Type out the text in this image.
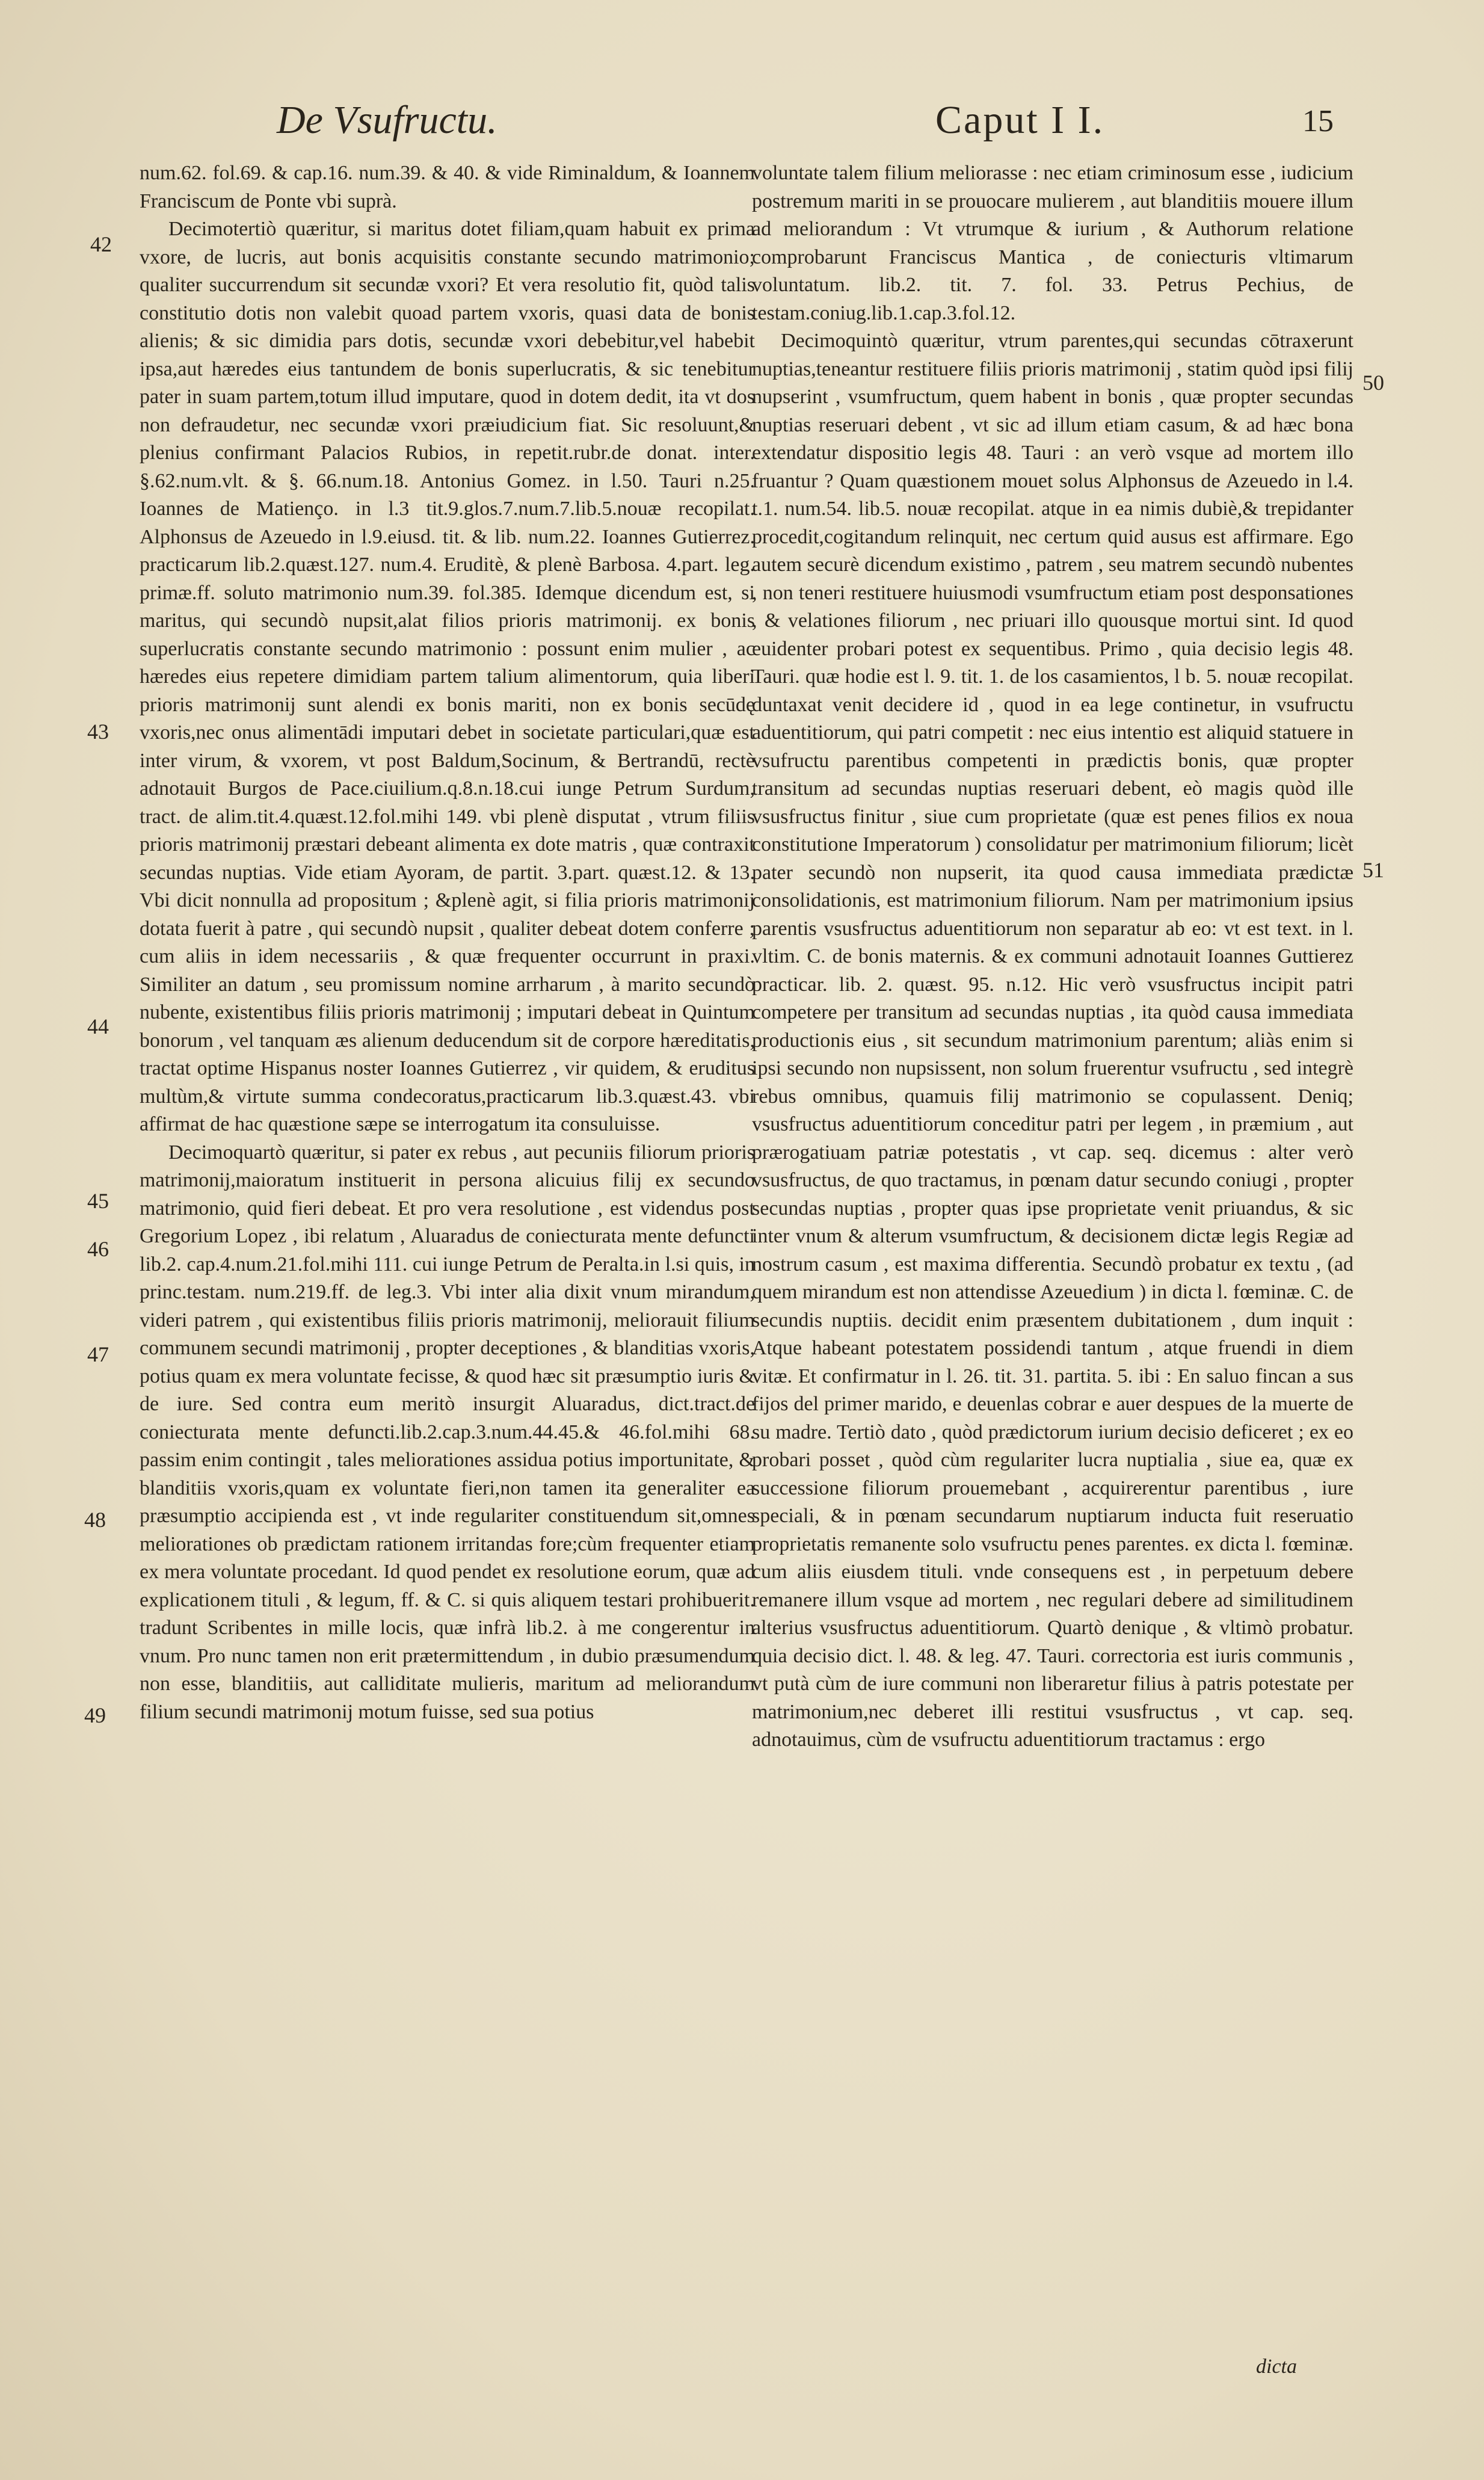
De Vsufructu.	Caput I I.	15

num.62. fol.69. & cap.16. num.39. & 40. & vide Riminaldum, & Ioannem Franciscum de Ponte vbi suprà.

Decimotertiò quæritur, si maritus dotet filiam,quam habuit ex prima vxore, de lucris, aut bonis acquisitis constante secundo matrimonio; qualiter succurrendum sit secundæ vxori? Et vera resolutio fit, quòd talis constitutio dotis non valebit quoad partem vxoris, quasi data de bonis alienis; & sic dimidia pars dotis, secundæ vxori debebitur,vel habebit ipsa,aut hæredes eius tantundem de bonis superlucratis, & sic tenebitur pater in suam partem,totum illud imputare, quod in dotem dedit, ita vt dos non defraudetur, nec secundæ vxori præiudicium fiat. Sic resoluunt,& plenius confirmant Palacios Rubios, in repetit.rubr.de donat. inter. §.62.num.vlt. & §. 66.num.18. Antonius Gomez. in l.50. Tauri n.25. Ioannes de Matienço. in l.3 tit.9.glos.7.num.7.lib.5.nouæ recopilat. Alphonsus de Azeuedo in l.9.eiusd. tit. & lib. num.22. Ioannes Gutierrez. practicarum lib.2.quæst.127. num.4. Eruditè, & plenè Barbosa. 4.part. leg. primæ.ff. soluto matrimonio num.39. fol.385. Idemque dicendum est, si maritus, qui secundò nupsit,alat filios prioris matrimonij. ex bonis superlucratis constante secundo matrimonio : possunt enim mulier , ac hæredes eius repetere dimidiam partem talium alimentorum, quia liberi prioris matrimonij sunt alendi ex bonis mariti, non ex bonis secūdę vxoris,nec onus alimentādi imputari debet in societate particulari,quæ est inter virum, & vxorem, vt post Baldum,Socinum, & Bertrandū, rectè adnotauit Burgos de Pace.ciuilium.q.8.n.18.cui iunge Petrum Surdum, tract. de alim.tit.4.quæst.12.fol.mihi 149. vbi plenè disputat , vtrum filiis prioris matrimonij præstari debeant alimenta ex dote matris , quæ contraxit secundas nuptias. Vide etiam Ayoram, de partit. 3.part. quæst.12. & 13. Vbi dicit nonnulla ad propositum ; &plenè agit, si filia prioris matrimonij dotata fuerit à patre , qui secundò nupsit , qualiter debeat dotem conferre ; cum aliis in idem necessariis , & quæ frequenter occurrunt in praxi. Similiter an datum , seu promissum nomine arrharum , à marito secundò nubente, existentibus filiis prioris matrimonij ; imputari debeat in Quintum bonorum , vel tanquam æs alienum deducendum sit de corpore hæreditatis, tractat optime Hispanus noster Ioannes Gutierrez , vir quidem, & eruditus multùm,& virtute summa condecoratus,practicarum lib.3.quæst.43. vbi affirmat de hac quæstione sæpe se interrogatum ita consuluisse.

Decimoquartò quæritur, si pater ex rebus , aut pecuniis filiorum prioris matrimonij,maioratum instituerit in persona alicuius filij ex secundo matrimonio, quid fieri debeat. Et pro vera resolutione , est videndus post Gregorium Lopez , ibi relatum , Aluaradus de coniecturata mente defuncti lib.2. cap.4.num.21.fol.mihi 111. cui iunge Petrum de Peralta.in l.si quis, in princ.testam. num.219.ff. de leg.3. Vbi inter alia dixit vnum mirandum, videri patrem , qui existentibus filiis prioris matrimonij, meliorauit filium communem secundi matrimonij , propter deceptiones , & blanditias vxoris, potius quam ex mera voluntate fecisse, & quod hæc sit præsumptio iuris & de iure. Sed contra eum meritò insurgit Aluaradus, dict.tract.de coniecturata mente defuncti.lib.2.cap.3.num.44.45.& 46.fol.mihi 68. passim enim contingit , tales meliorationes assidua potius importunitate, & blanditiis vxoris,quam ex voluntate fieri,non tamen ita generaliter ea præsumptio accipienda est , vt inde regulariter constituendum sit,omnes meliorationes ob prædictam rationem irritandas fore;cùm frequenter etiam ex mera voluntate procedant. Id quod pendet ex resolutione eorum, quæ ad explicationem tituli , & legum, ff. & C. si quis aliquem testari prohibuerit. tradunt Scribentes in mille locis, quæ infrà lib.2. à me congerentur in vnum. Pro nunc tamen non erit prætermittendum , in dubio præsumendum non esse, blanditiis, aut calliditate mulieris, maritum ad meliorandum filium secundi matrimonij motum fuisse, sed sua potius

voluntate talem filium meliorasse : nec etiam criminosum esse , iudicium postremum mariti in se prouocare mulierem , aut blanditiis mouere illum ad meliorandum : Vt vtrumque & iurium , & Authorum relatione comprobarunt Franciscus Mantica , de coniecturis vltimarum voluntatum. lib.2. tit. 7. fol. 33. Petrus Pechius, de testam.coniug.lib.1.cap.3.fol.12.

Decimoquintò quæritur, vtrum parentes,qui secundas cōtraxerunt nuptias,teneantur restituere filiis prioris matrimonij , statim quòd ipsi filij nupserint , vsumfructum, quem habent in bonis , quæ propter secundas nuptias reseruari debent , vt sic ad illum etiam casum, & ad hæc bona extendatur dispositio legis 48. Tauri : an verò vsque ad mortem illo fruantur ? Quam quæstionem mouet solus Alphonsus de Azeuedo in l.4. t.1. num.54. lib.5. nouæ recopilat. atque in ea nimis dubiè,& trepidanter procedit,cogitandum relinquit, nec certum quid ausus est affirmare. Ego autem securè dicendum existimo , patrem , seu matrem secundò nubentes , non teneri restituere huiusmodi vsumfructum etiam post desponsationes , & velationes filiorum , nec priuari illo quousque mortui sint. Id quod euidenter probari potest ex sequentibus. Primo , quia decisio legis 48. Tauri. quæ hodie est l. 9. tit. 1. de los casamientos, l b. 5. nouæ recopilat. duntaxat venit decidere id , quod in ea lege continetur, in vsufructu aduentitiorum, qui patri competit : nec eius intentio est aliquid statuere in vsufructu parentibus competenti in prædictis bonis, quæ propter transitum ad secundas nuptias reseruari debent, eò magis quòd ille vsusfructus finitur , siue cum proprietate (quæ est penes filios ex noua constitutione Imperatorum ) consolidatur per matrimonium filiorum; licèt pater secundò non nupserit, ita quod causa immediata prædictæ consolidationis, est matrimonium filiorum. Nam per matrimonium ipsius parentis vsusfructus aduentitiorum non separatur ab eo: vt est text. in l. vltim. C. de bonis maternis. & ex communi adnotauit Ioannes Guttierez practicar. lib. 2. quæst. 95. n.12. Hic verò vsusfructus incipit patri competere per transitum ad secundas nuptias , ita quòd causa immediata productionis eius , sit secundum matrimonium parentum; aliàs enim si ipsi secundo non nupsissent, non solum fruerentur vsufructu , sed integrè rebus omnibus, quamuis filij matrimonio se copulassent. Deniq; vsusfructus aduentitiorum conceditur patri per legem , in præmium , aut prærogatiuam patriæ potestatis , vt cap. seq. dicemus : alter verò vsusfructus, de quo tractamus, in pœnam datur secundo coniugi , propter secundas nuptias , propter quas ipse proprietate venit priuandus, & sic inter vnum & alterum vsumfructum, & decisionem dictæ legis Regiæ ad nostrum casum , est maxima differentia. Secundò probatur ex textu , (ad quem mirandum est non attendisse Azeuedium ) in dicta l. fœminæ. C. de secundis nuptiis. decidit enim præsentem dubitationem , dum inquit : Atque habeant potestatem possidendi tantum , atque fruendi in diem vitæ. Et confirmatur in l. 26. tit. 31. partita. 5. ibi : En saluo fincan a sus fijos del primer marido, e deuenlas cobrar e auer despues de la muerte de su madre. Tertiò dato , quòd prædictorum iurium decisio deficeret ; ex eo probari posset , quòd cùm regulariter lucra nuptialia , siue ea, quæ ex successione filiorum prouemebant , acquirerentur parentibus , iure speciali, & in pœnam secundarum nuptiarum inducta fuit reseruatio proprietatis remanente solo vsufructu penes parentes. ex dicta l. fœminæ. cum aliis eiusdem tituli. vnde consequens est , in perpetuum debere remanere illum vsque ad mortem , nec regulari debere ad similitudinem alterius vsusfructus aduentitiorum. Quartò denique , & vltimò probatur. quia decisio dict. l. 48. & leg. 47. Tauri. correctoria est iuris communis , vt putà cùm de iure communi non liberaretur filius à patris potestate per matrimonium,nec deberet illi restitui vsusfructus , vt cap. seq. adnotauimus, cùm de vsufructu aduentitiorum tractamus : ergo

42
43
44
45
46
47
48
49
50
51
dicta
